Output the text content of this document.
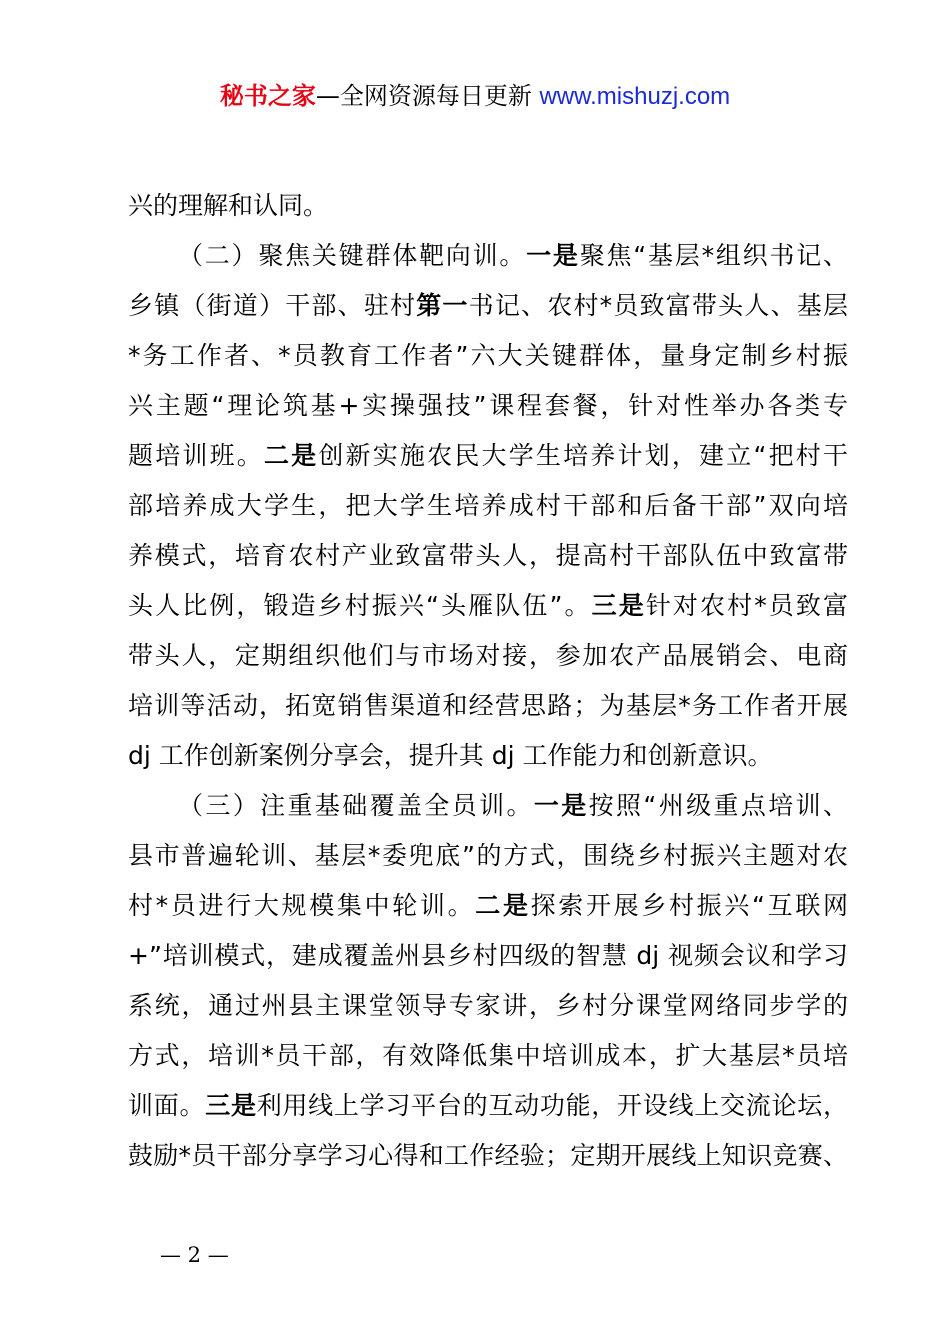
秘书之家—全网资源每日更新 www.mishuzj.com
兴的理解和认同。
（二）聚焦关键群体靶向训。一是聚焦“基层*组织书记、
乡镇（街道）干部、驻村第一书记、农村*员致富带头人、基层
*务工作者、*员教育工作者”六大关键群体，量身定制乡村振
兴主题“理论筑基+实操强技”课程套餐，针对性举办各类专
题培训班。二是创新实施农民大学生培养计划，建立“把村干
部培养成大学生，把大学生培养成村干部和后备干部”双向培
养模式，培育农村产业致富带头人，提高村干部队伍中致富带
头人比例，锻造乡村振兴“头雁队伍”。三是针对农村*员致富
带头人，定期组织他们与市场对接，参加农产品展销会、电商
培训等活动，拓宽销售渠道和经营思路；为基层*务工作者开展
dj 工作创新案例分享会，提升其 dj 工作能力和创新意识。
（三）注重基础覆盖全员训。一是按照“州级重点培训、
县市普遍轮训、基层*委兜底”的方式，围绕乡村振兴主题对农
村*员进行大规模集中轮训。二是探索开展乡村振兴“互联网
+”培训模式，建成覆盖州县乡村四级的智慧 dj 视频会议和学习
系统，通过州县主课堂领导专家讲，乡村分课堂网络同步学的
方式，培训*员干部，有效降低集中培训成本，扩大基层*员培
训面。三是利用线上学习平台的互动功能，开设线上交流论坛，
鼓励*员干部分享学习心得和工作经验；定期开展线上知识竞赛、
— 2 —
